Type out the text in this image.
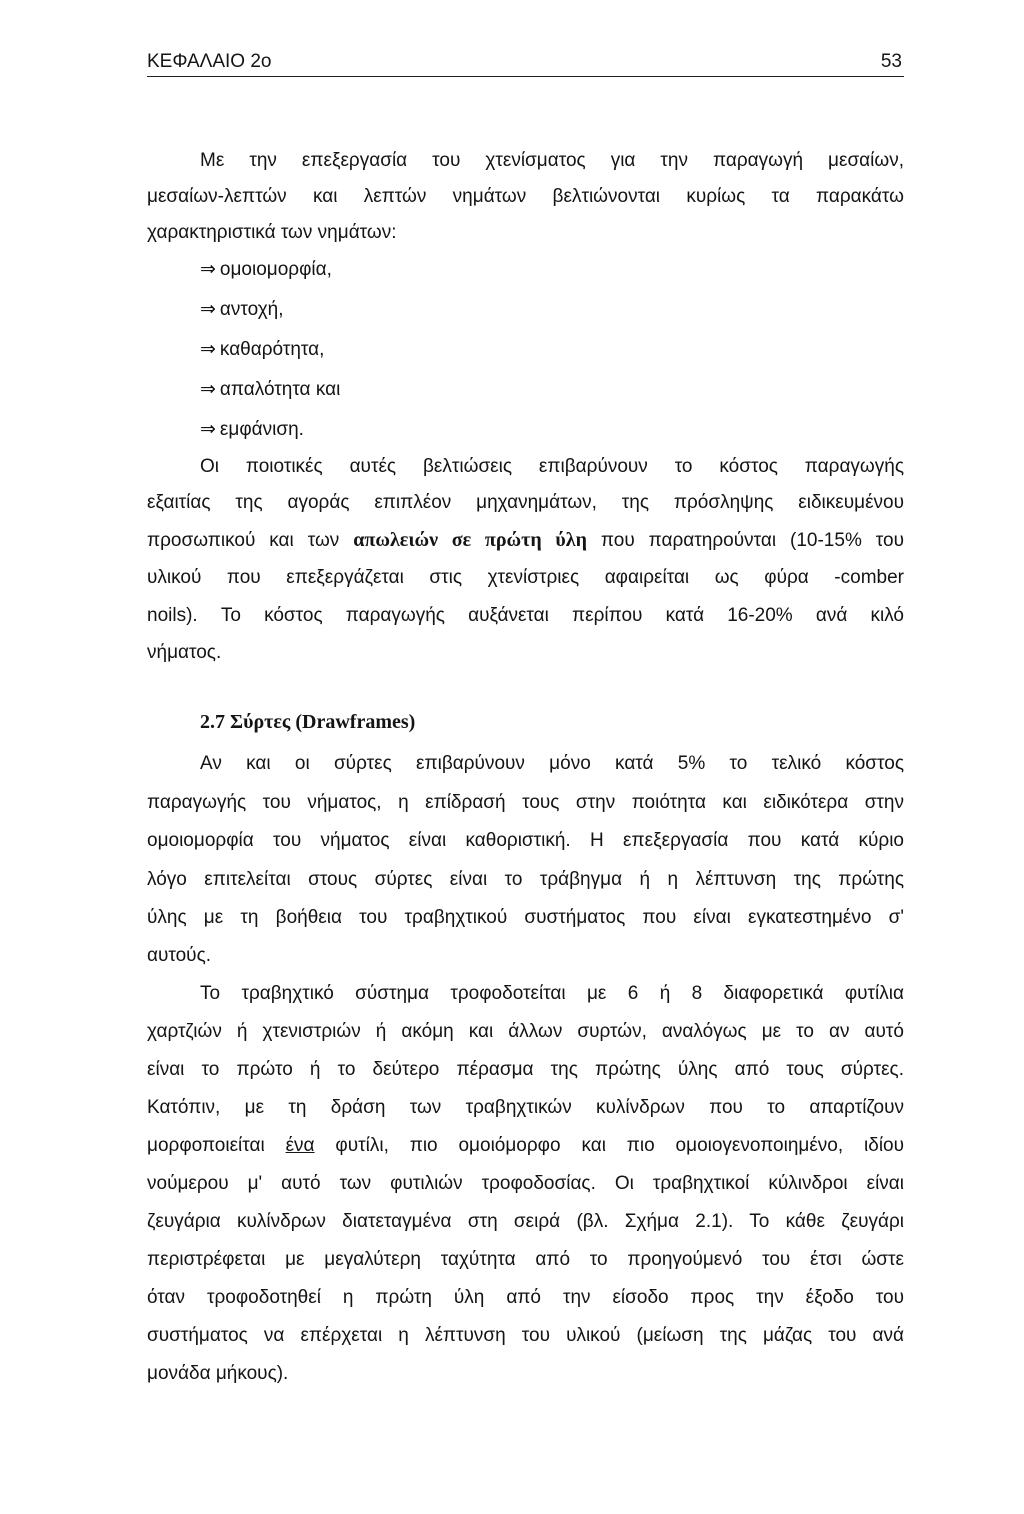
ΚΕΦΑΛΑΙΟ 2ο	53
Με την επεξεργασία του χτενίσματος για την παραγωγή μεσαίων,
μεσαίων-λεπτών και λεπτών νημάτων βελτιώνονται κυρίως τα παρακάτω
χαρακτηριστικά των νημάτων:
⇒ ομοιομορφία,
⇒ αντοχή,
⇒ καθαρότητα,
⇒ απαλότητα και
⇒ εμφάνιση.
Οι ποιοτικές αυτές βελτιώσεις επιβαρύνουν το κόστος παραγωγής
εξαιτίας της αγοράς επιπλέον μηχανημάτων, της πρόσληψης ειδικευμένου
προσωπικού και των απωλειών σε πρώτη ύλη που παρατηρούνται (10-15% του
υλικού που επεξεργάζεται στις χτενίστριες αφαιρείται ως φύρα -comber
noils). Το κόστος παραγωγής αυξάνεται περίπου κατά 16-20% ανά κιλό
νήματος.
2.7 Σύρτες (Drawframes)
Αν και οι σύρτες επιβαρύνουν μόνο κατά 5% το τελικό κόστος
παραγωγής του νήματος, η επίδρασή τους στην ποιότητα και ειδικότερα στην
ομοιομορφία του νήματος είναι καθοριστική. Η επεξεργασία που κατά κύριο
λόγο επιτελείται στους σύρτες είναι το τράβηγμα ή η λέπτυνση της πρώτης
ύλης με τη βοήθεια του τραβηχτικού συστήματος που είναι εγκατεστημένο σ'
αυτούς.
Το τραβηχτικό σύστημα τροφοδοτείται με 6 ή 8 διαφορετικά φυτίλια
χαρτζιών ή χτενιστριών ή ακόμη και άλλων συρτών, αναλόγως με το αν αυτό
είναι το πρώτο ή το δεύτερο πέρασμα της πρώτης ύλης από τους σύρτες.
Κατόπιν, με τη δράση των τραβηχτικών κυλίνδρων που το απαρτίζουν
μορφοποιείται ένα φυτίλι, πιο ομοιόμορφο και πιο ομοιογενοποιημένο, ιδίου
νούμερου μ' αυτό των φυτιλιών τροφοδοσίας. Οι τραβηχτικοί κύλινδροι είναι
ζευγάρια κυλίνδρων διατεταγμένα στη σειρά (βλ. Σχήμα 2.1). Το κάθε ζευγάρι
περιστρέφεται με μεγαλύτερη ταχύτητα από το προηγούμενό του έτσι ώστε
όταν τροφοδοτηθεί η πρώτη ύλη από την είσοδο προς την έξοδο του
συστήματος να επέρχεται η λέπτυνση του υλικού (μείωση της μάζας του ανά
μονάδα μήκους).
